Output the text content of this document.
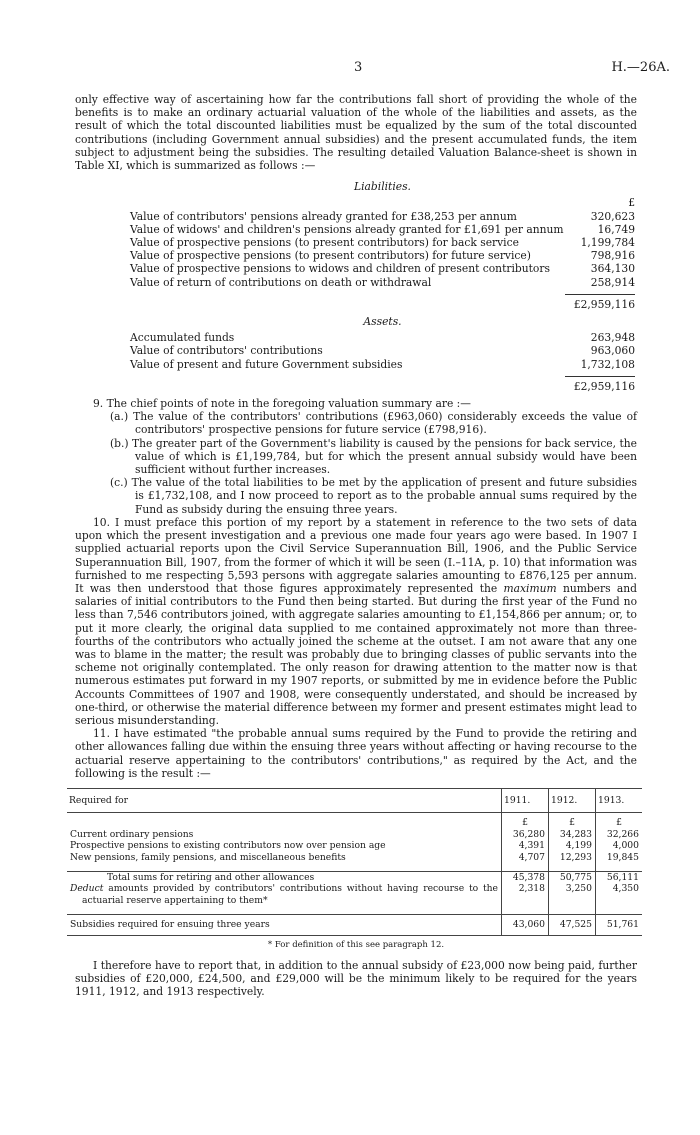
3	H.—26A.

only effective way of ascertaining how far the contributions fall short of providing the whole of the benefits is to make an ordinary actuarial valuation of the whole of the liabilities and assets, as the result of which the total discounted liabilities must be equalized by the sum of the total discounted contributions (including Government annual subsidies) and the present accumulated funds, the item subject to adjustment being the subsidies. The resulting detailed Valuation Balance-sheet is shown in Table XI, which is summarized as follows :—

Liabilities.
£
Value of contributors' pensions already granted for £38,253 per annum	320,623
Value of widows' and children's pensions already granted for £1,691 per annum	16,749
Value of prospective pensions (to present contributors) for back service	1,199,784
Value of prospective pensions (to present contributors) for future service)	798,916
Value of prospective pensions to widows and children of present contributors	364,130
Value of return of contributions on death or withdrawal	258,914
£2,959,116
Assets.
Accumulated funds	263,948
Value of contributors' contributions	963,060
Value of present and future Government subsidies	1,732,108
£2,959,116

9. The chief points of note in the foregoing valuation summary are :—

(a.) The value of the contributors' contributions (£963,060) considerably exceeds the value of contributors' prospective pensions for future service (£798,916).

(b.) The greater part of the Government's liability is caused by the pensions for back service, the value of which is £1,199,784, but for which the present annual subsidy would have been sufficient without further increases.

(c.) The value of the total liabilities to be met by the application of present and future subsidies is £1,732,108, and I now proceed to report as to the probable annual sums required by the Fund as subsidy during the ensuing three years.

10. I must preface this portion of my report by a statement in reference to the two sets of data upon which the present investigation and a previous one made four years ago were based. In 1907 I supplied actuarial reports upon the Civil Service Superannuation Bill, 1906, and the Public Service Superannuation Bill, 1907, from the former of which it will be seen (I.–11A, p. 10) that information was furnished to me respecting 5,593 persons with aggregate salaries amounting to £876,125 per annum. It was then understood that those figures approximately represented the maximum numbers and salaries of initial contributors to the Fund then being started. But during the first year of the Fund no less than 7,546 contributors joined, with aggregate salaries amounting to £1,154,866 per annum; or, to put it more clearly, the original data supplied to me contained approximately not more than three-fourths of the contributors who actually joined the scheme at the outset. I am not aware that any one was to blame in the matter; the result was probably due to bringing classes of public servants into the scheme not originally contemplated. The only reason for drawing attention to the matter now is that numerous estimates put forward in my 1907 reports, or submitted by me in evidence before the Public Accounts Committees of 1907 and 1908, were consequently understated, and should be increased by one-third, or otherwise the material difference between my former and present estimates might lead to serious misunderstanding.

11. I have estimated "the probable annual sums required by the Fund to provide the retiring and other allowances falling due within the ensuing three years without affecting or having recourse to the actuarial reserve appertaining to the contributors' contributions," as required by the Act, and the following is the result :—

Required for	1911.	1912.	1913.
	£	£	£
Current ordinary pensions	36,280	34,283	32,266
Prospective pensions to existing contributors now over pension age	4,391	4,199	4,000
New pensions, family pensions, and miscellaneous benefits	4,707	12,293	19,845
Total sums for retiring and other allowances	45,378	50,775	56,111
Deduct amounts provided by contributors' contributions without having recourse to the actuarial reserve appertaining to them*	2,318	3,250	4,350
Subsidies required for ensuing three years	43,060	47,525	51,761
* For definition of this see paragraph 12.

I therefore have to report that, in addition to the annual subsidy of £23,000 now being paid, further subsidies of £20,000, £24,500, and £29,000 will be the minimum likely to be required for the years 1911, 1912, and 1913 respectively.
